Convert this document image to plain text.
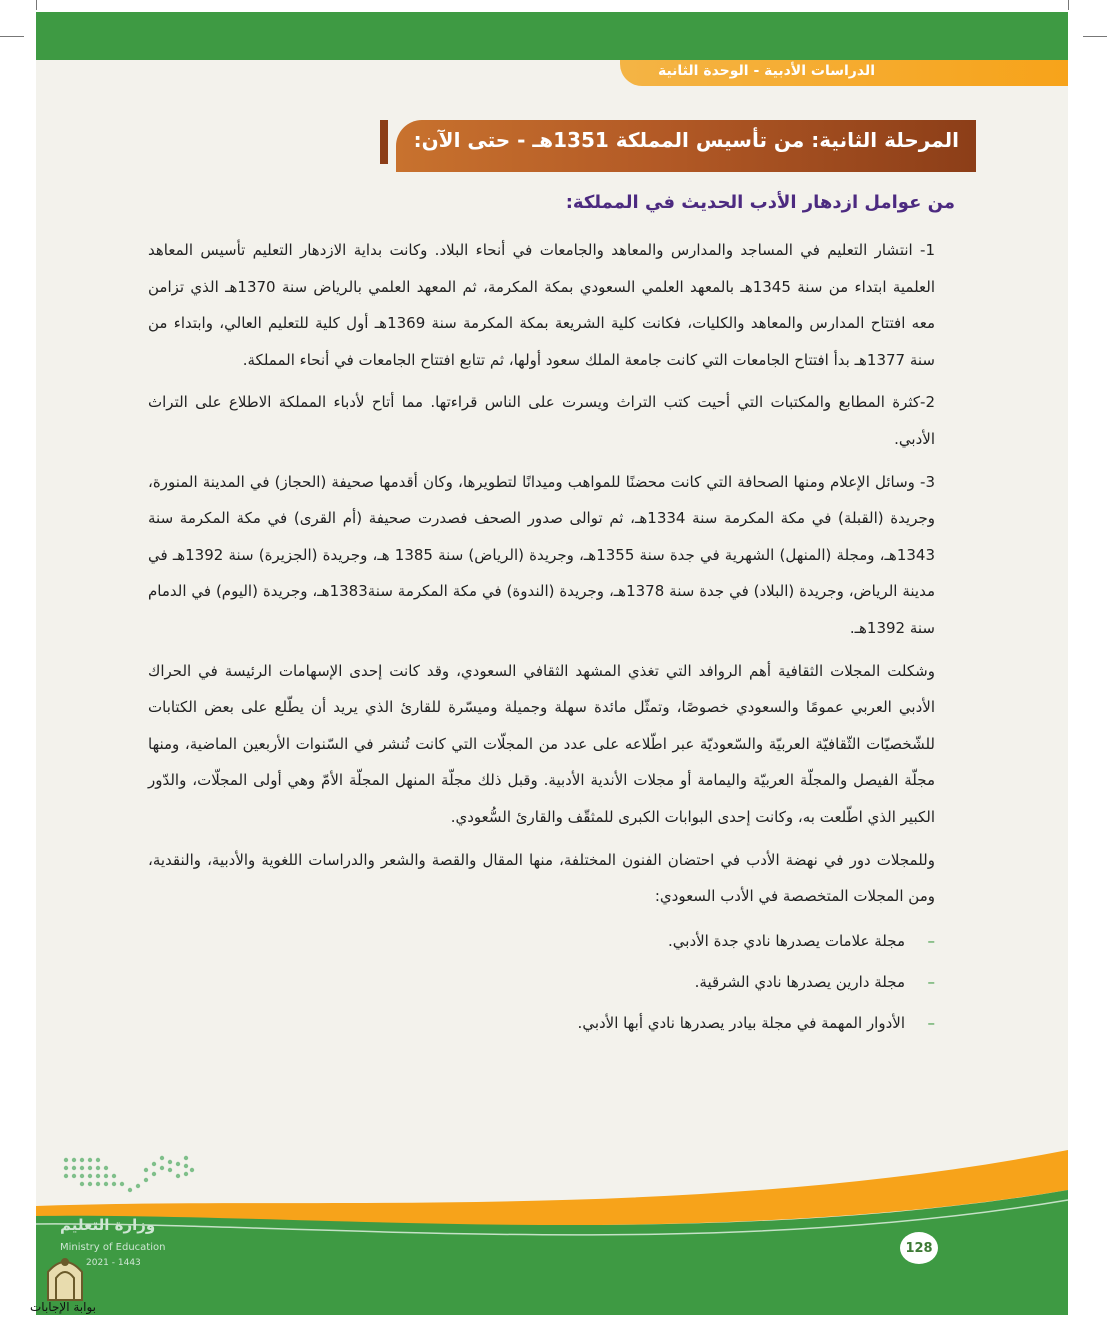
الدراسات الأدبية - الوحدة الثانية
المرحلة الثانية: من تأسيس المملكة 1351هـ - حتى الآن:
من عوامل ازدهار الأدب الحديث في المملكة:

1- انتشار التعليم في المساجد والمدارس والمعاهد والجامعات في أنحاء البلاد. وكانت بداية الازدهار التعليم تأسيس المعاهد العلمية ابتداء من سنة 1345هـ بالمعهد العلمي السعودي بمكة المكرمة، ثم المعهد العلمي بالرياض سنة 1370هـ الذي تزامن معه افتتاح المدارس والمعاهد والكليات، فكانت كلية الشريعة بمكة المكرمة سنة 1369هـ أول كلية للتعليم العالي، وابتداء من سنة 1377هـ بدأ افتتاح الجامعات التي كانت جامعة الملك سعود أولها، ثم تتابع افتتاح الجامعات في أنحاء المملكة.

2-كثرة المطابع والمكتبات التي أحيت كتب التراث ويسرت على الناس قراءتها. مما أتاح لأدباء المملكة الاطلاع على التراث الأدبي.

3- وسائل الإعلام ومنها الصحافة التي كانت محضنًا للمواهب وميدانًا لتطويرها، وكان أقدمها صحيفة (الحجاز) في المدينة المنورة، وجريدة (القبلة) في مكة المكرمة سنة 1334هـ، ثم توالى صدور الصحف فصدرت صحيفة (أم القرى) في مكة المكرمة سنة 1343هـ، ومجلة (المنهل) الشهرية في جدة سنة 1355هـ، وجريدة (الرياض) سنة 1385 هـ، وجريدة (الجزيرة) سنة 1392هـ في مدينة الرياض، وجريدة (البلاد) في جدة سنة 1378هـ، وجريدة (الندوة) في مكة المكرمة سنة1383هـ، وجريدة (اليوم) في الدمام سنة 1392هـ.

وشكلت المجلات الثقافية أهم الروافد التي تغذي المشهد الثقافي السعودي، وقد كانت إحدى الإسهامات الرئيسة في الحراك الأدبي العربي عمومًا والسعودي خصوصًا، وتمثّل مائدة سهلة وجميلة وميسّرة للقارئ الذي يريد أن يطّلع على بعض الكتابات للشّخصيّات الثّقافيّة العربيّة والسّعوديّة عبر اطّلاعه على عدد من المجلّات التي كانت تُنشر في السّنوات الأربعين الماضية، ومنها مجلّة الفيصل والمجلّة العربيّة واليمامة أو مجلات الأندية الأدبية. وقبل ذلك مجلّة المنهل المجلّة الأمّ وهي أولى المجلّات، والدّور الكبير الذي اطّلعت به، وكانت إحدى البوابات الكبرى للمثقّف والقارئ السُّعودي.

وللمجلات دور في نهضة الأدب في احتضان الفنون المختلفة، منها المقال والقصة والشعر والدراسات اللغوية والأدبية، والنقدية، ومن المجلات المتخصصة في الأدب السعودي:

– مجلة علامات يصدرها نادي جدة الأدبي.
– مجلة دارين يصدرها نادي الشرقية.
– الأدوار المهمة في مجلة بيادر يصدرها نادي أبها الأدبي.
وزارة التعليم
Ministry of Education
2021 - 1443
128
بوابة الإجابات
